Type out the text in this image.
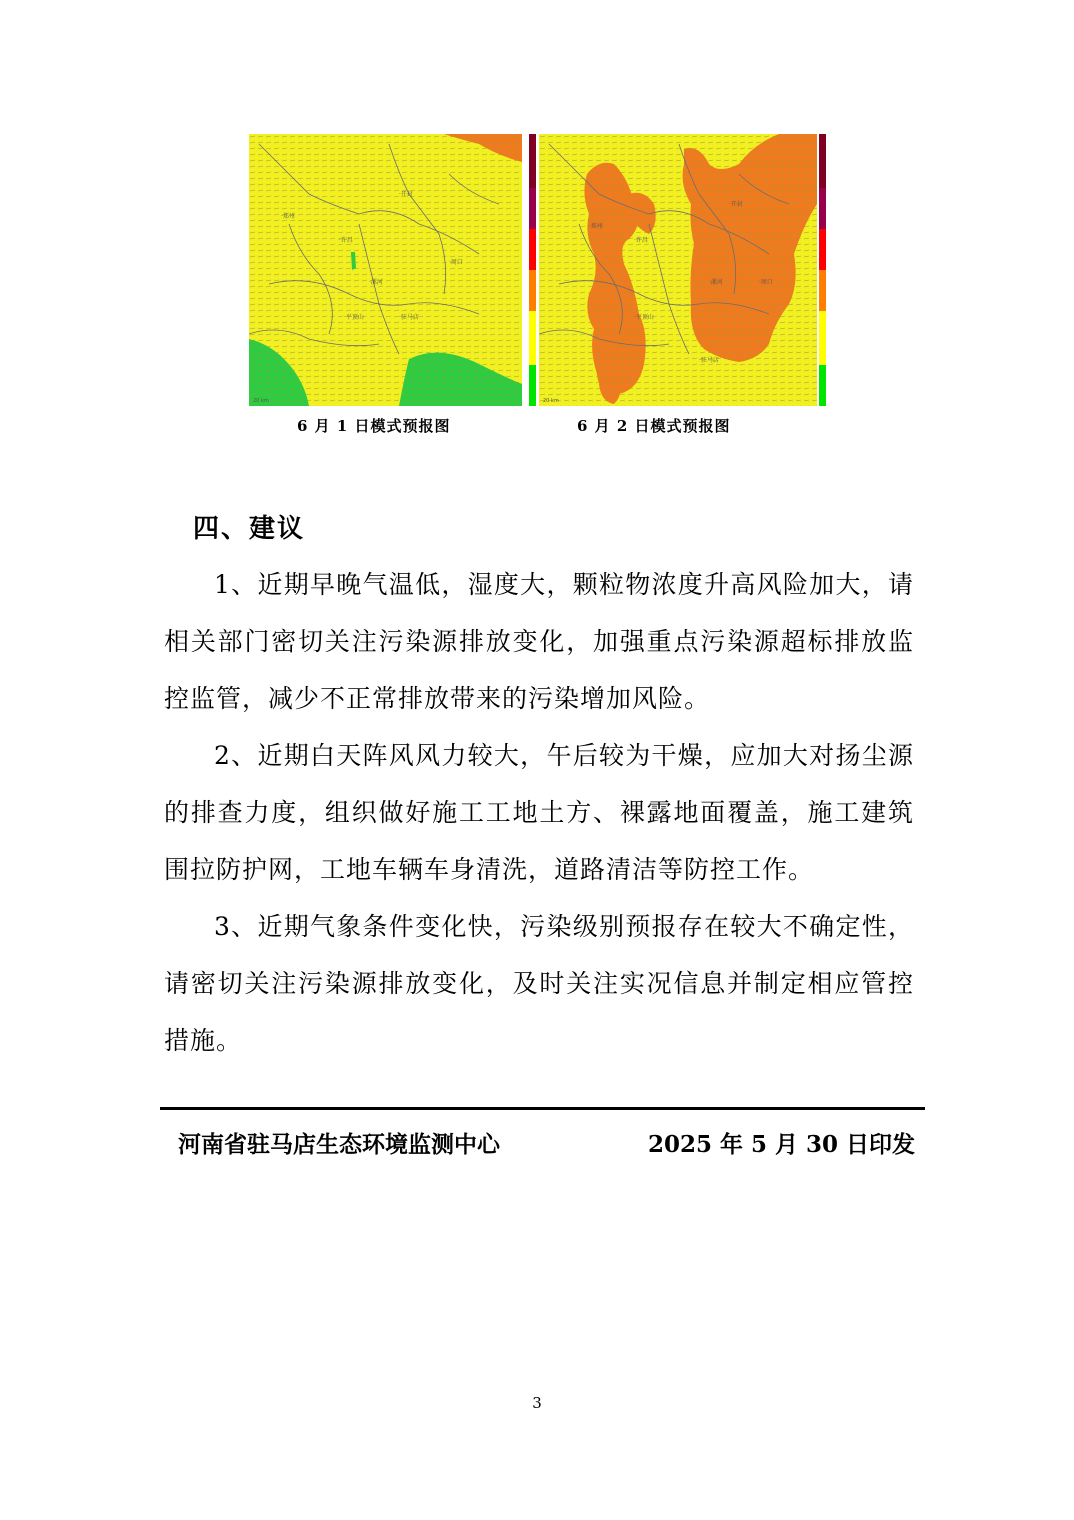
·郑州
·许昌
·开封
·漯河
·平顶山	·驻马店
·周口
20 km
·郑州
·许昌
·开封
·漯河
·平顶山
·驻马店
·周口
20 km
6 月 1 日模式预报图	6 月 2 日模式预报图
四、建议
1、近期早晚气温低，湿度大，颗粒物浓度升高风险加大，请相关部门密切关注污染源排放变化，加强重点污染源超标排放监控监管，减少不正常排放带来的污染增加风险。
2、近期白天阵风风力较大，午后较为干燥，应加大对扬尘源的排查力度，组织做好施工工地土方、裸露地面覆盖，施工建筑围拉防护网，工地车辆车身清洗，道路清洁等防控工作。
3、近期气象条件变化快，污染级别预报存在较大不确定性，请密切关注污染源排放变化，及时关注实况信息并制定相应管控措施。
河南省驻马店生态环境监测中心	2025 年 5 月 30 日印发
3
